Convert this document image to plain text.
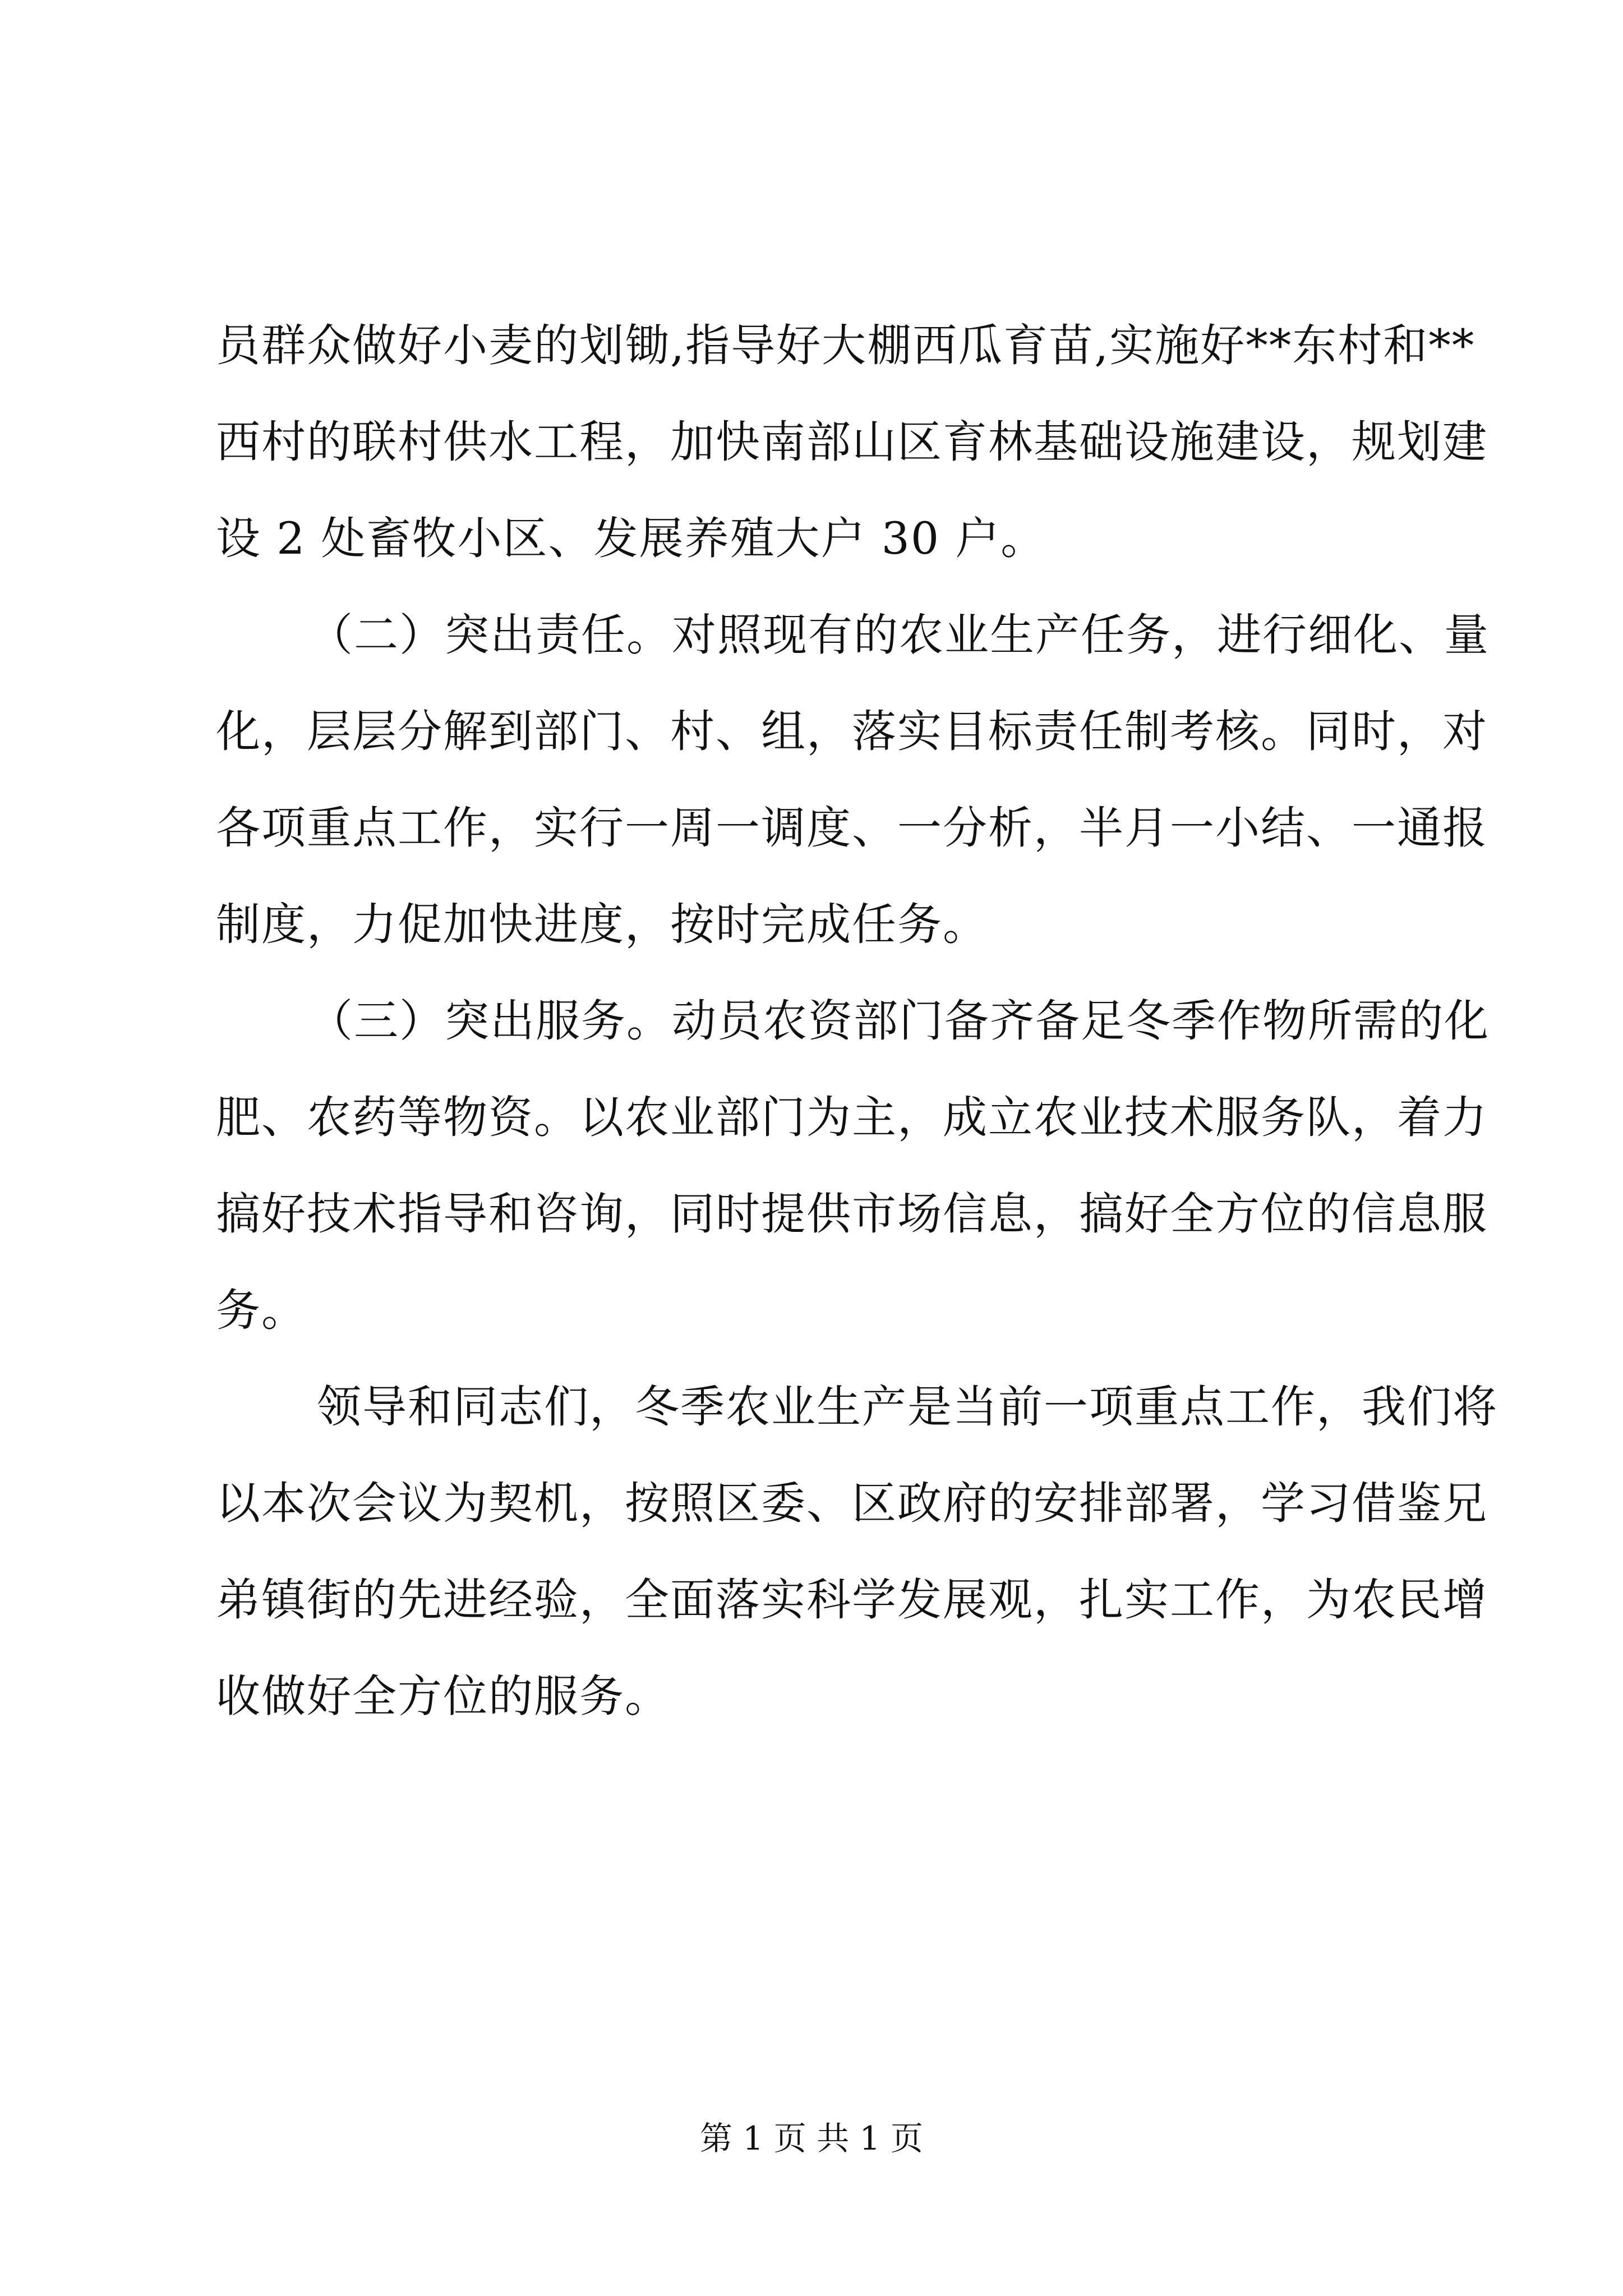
员群众做好小麦的划锄,指导好大棚西瓜育苗,实施好**东村和**
西村的联村供水工程，加快南部山区育林基础设施建设，规划建
设 2 处畜牧小区、发展养殖大户 30 户。
（二）突出责任。对照现有的农业生产任务，进行细化、量
化，层层分解到部门、村、组，落实目标责任制考核。同时，对
各项重点工作，实行一周一调度、一分析，半月一小结、一通报
制度，力促加快进度，按时完成任务。
（三）突出服务。动员农资部门备齐备足冬季作物所需的化
肥、农药等物资。以农业部门为主，成立农业技术服务队，着力
搞好技术指导和咨询，同时提供市场信息，搞好全方位的信息服
务。
领导和同志们，冬季农业生产是当前一项重点工作，我们将
以本次会议为契机，按照区委、区政府的安排部署，学习借鉴兄
弟镇街的先进经验，全面落实科学发展观，扎实工作，为农民增
收做好全方位的服务。
第 1 页 共 1 页
